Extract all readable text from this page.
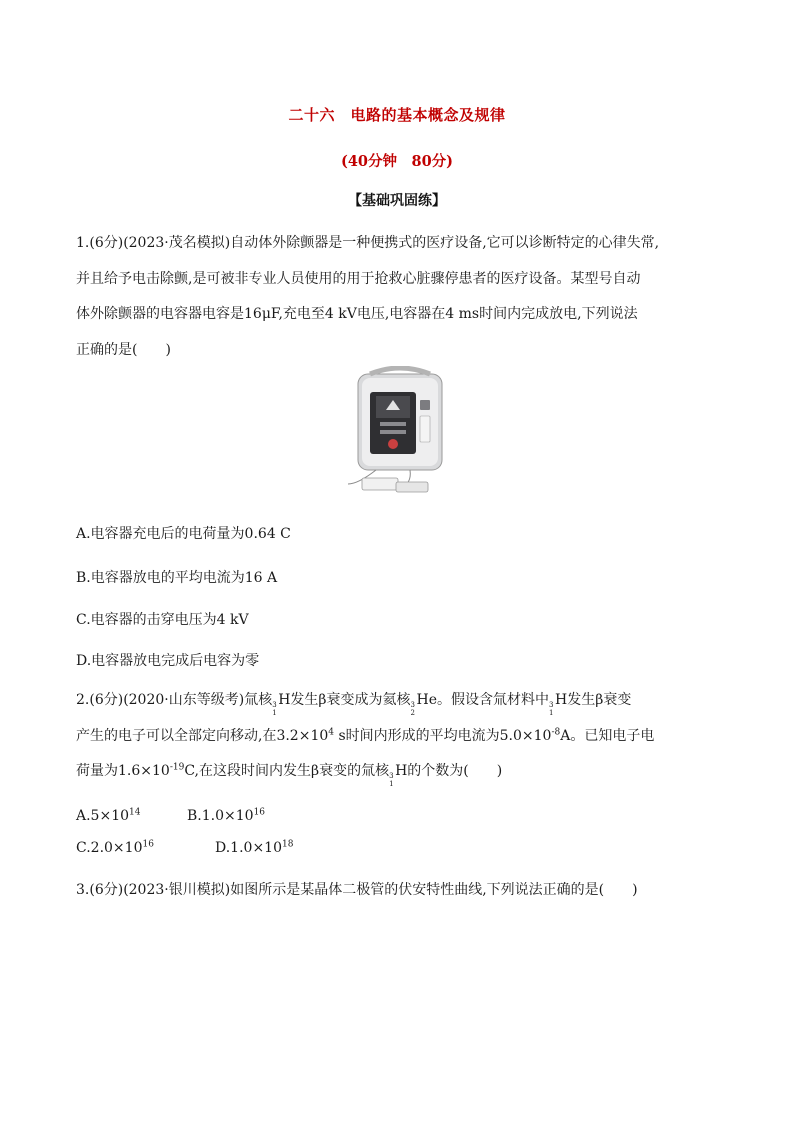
二十六　电路的基本概念及规律
(40分钟　80分)
【基础巩固练】

1.(6分)(2023·茂名模拟)自动体外除颤器是一种便携式的医疗设备,它可以诊断特定的心律失常,

并且给予电击除颤,是可被非专业人员使用的用于抢救心脏骤停患者的医疗设备。某型号自动

体外除颤器的电容器电容是16μF,充电至4 kV电压,电容器在4 ms时间内完成放电,下列说法

正确的是(　　)

A.电容器充电后的电荷量为0.64 C
B.电容器放电的平均电流为16 A
C.电容器的击穿电压为4 kV
D.电容器放电完成后电容为零

2.(6分)(2020·山东等级考)氚核 3
1
H发生β衰变成为氦核 3
2
He。假设含氚材料中 3
1
H发生β衰变

产生的电子可以全部定向移动,在$3.2\times 10^4$ s时间内形成的平均电流为$5.0\times 10^{-8}A$。已知电子电

荷量为$1.6\times 10^{-19}C$,在这段时间内发生β衰变的氚核 3
1
H的个数为(　　)

$A.5\times 10^{14}$	$B.1.0\times 10^{16}$
$C.2.0\times 10^{16}$	$D.1.0\times 10^{18}$

3.(6分)(2023·银川模拟)如图所示是某晶体二极管的伏安特性曲线,下列说法正确的是(　　)
